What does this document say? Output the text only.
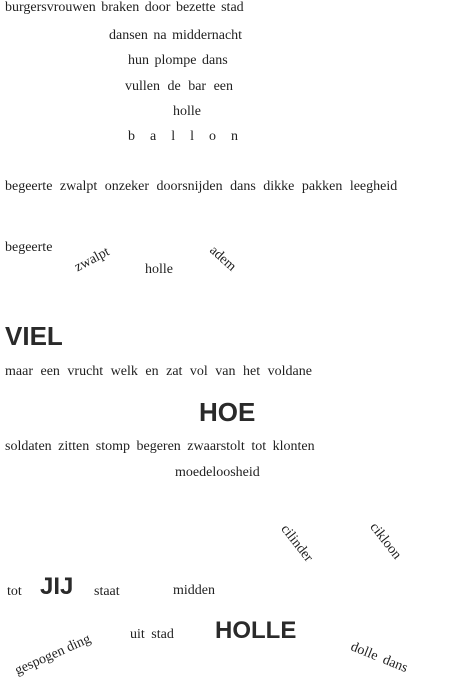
burgersvrouwen braken door bezette stad
dansen na middernacht
hun plompe dans
vullen de bar een
holle
ballon
begeerte zwalpt onzeker doorsnijden dans dikke pakken leegheid
begeerte zwalpt holle adem
VIEL
maar een vrucht welk en zat vol van het voldane
HOE
soldaten zitten stomp begeren zwaarstolt tot klonten
moedeloosheid
cilinder	cikloon
tot JIJ staat	midden
gespogen ding	uit stad HOLLE
dolle dans
